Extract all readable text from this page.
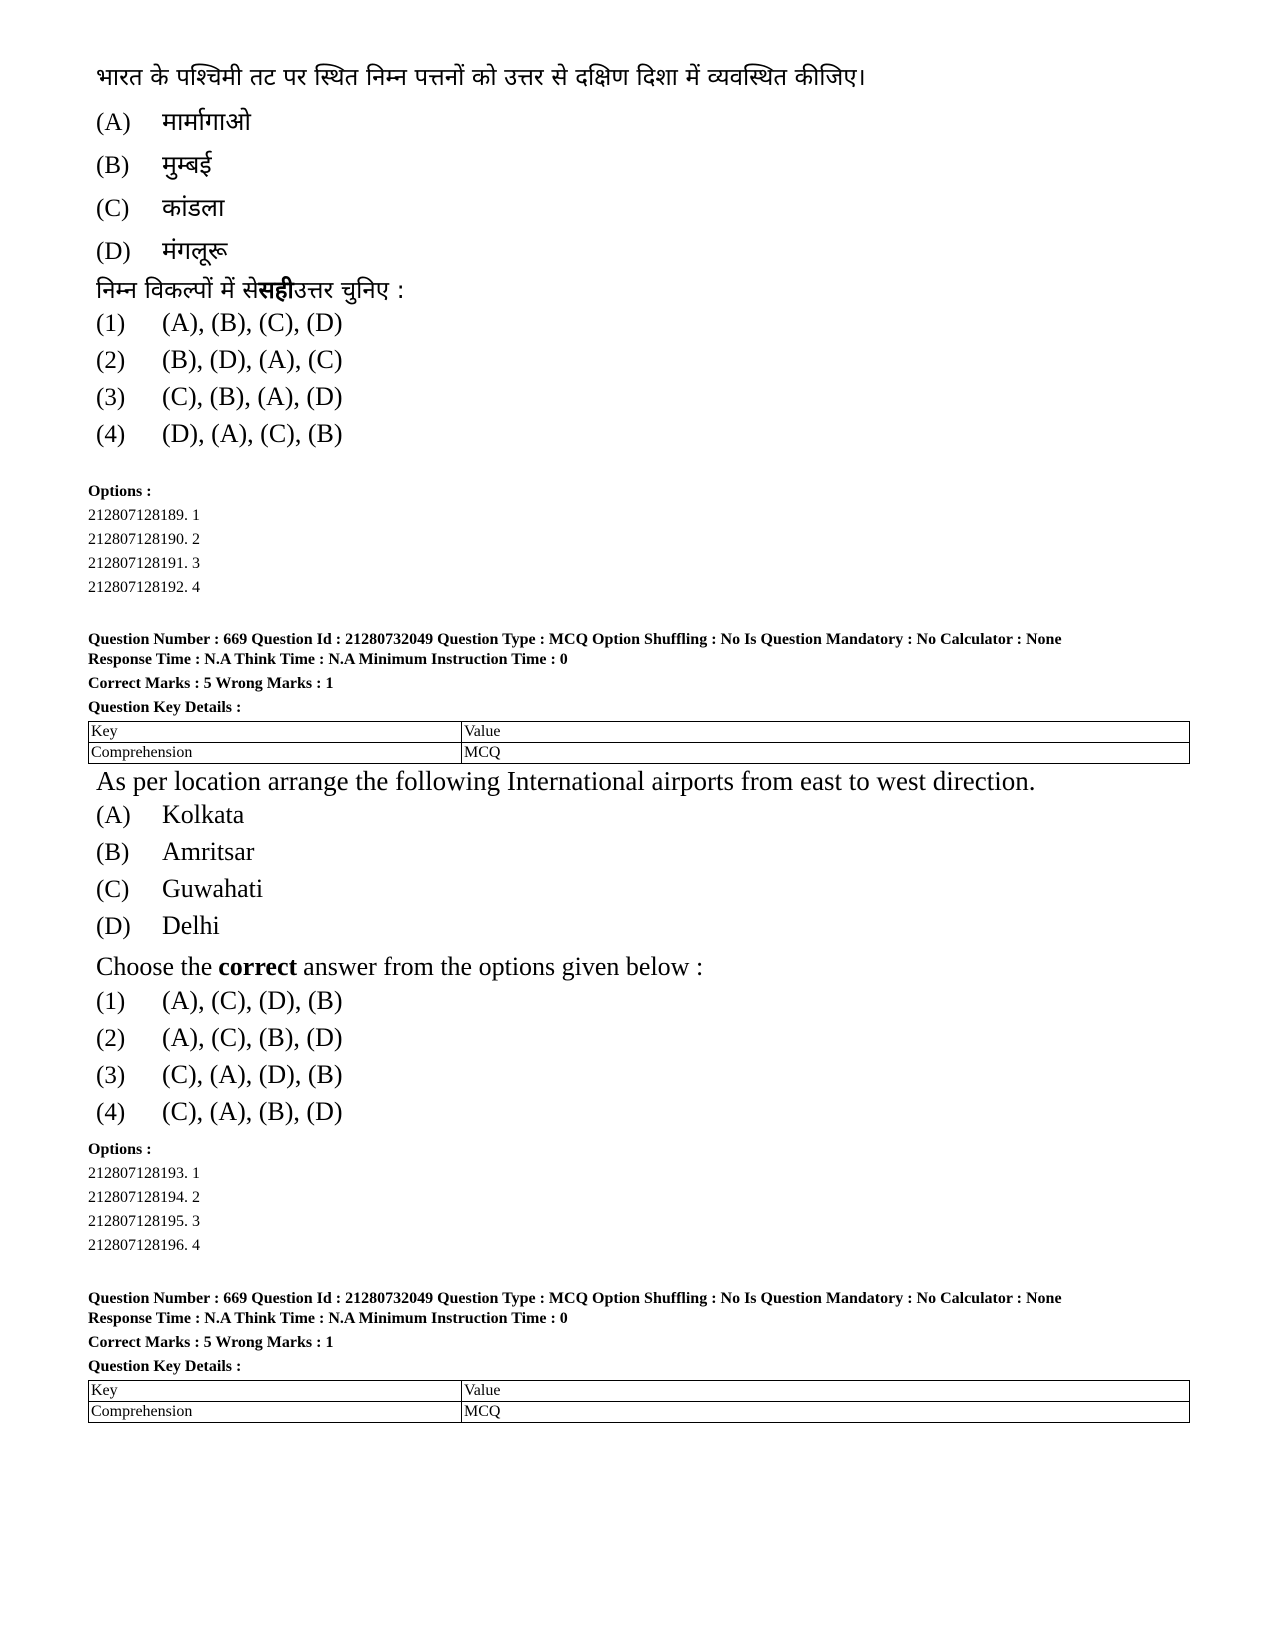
भारत के पश्चिमी तट पर स्थित निम्न पत्तनों को उत्तर से दक्षिण दिशा में व्यवस्थित कीजिए।

(A)	मार्मागाओ
(B)	मुम्बई
(C)	कांडला
(D)	मंगलूरू
निम्न विकल्पों में से सही उत्तर चुनिए :
(1)	(A), (B), (C), (D)
(2)	(B), (D), (A), (C)
(3)	(C), (B), (A), (D)
(4)	(D), (A), (C), (B)
Options :
212807128189. 1
212807128190. 2
212807128191. 3
212807128192. 4
Question Number : 669 Question Id : 21280732049 Question Type : MCQ Option Shuffling : No Is Question Mandatory : No Calculator : None
Response Time : N.A Think Time : N.A Minimum Instruction Time : 0
Correct Marks : 5 Wrong Marks : 1
Question Key Details :
Key	Value
Comprehension	MCQ

As per location arrange the following International airports from east to west direction.

(A)	Kolkata
(B)	Amritsar
(C)	Guwahati
(D)	Delhi
Choose the correct answer from the options given below :
(1)	(A), (C), (D), (B)
(2)	(A), (C), (B), (D)
(3)	(C), (A), (D), (B)
(4)	(C), (A), (B), (D)
Options :
212807128193. 1
212807128194. 2
212807128195. 3
212807128196. 4
Question Number : 669 Question Id : 21280732049 Question Type : MCQ Option Shuffling : No Is Question Mandatory : No Calculator : None
Response Time : N.A Think Time : N.A Minimum Instruction Time : 0
Correct Marks : 5 Wrong Marks : 1
Question Key Details :
Key	Value
Comprehension	MCQ
